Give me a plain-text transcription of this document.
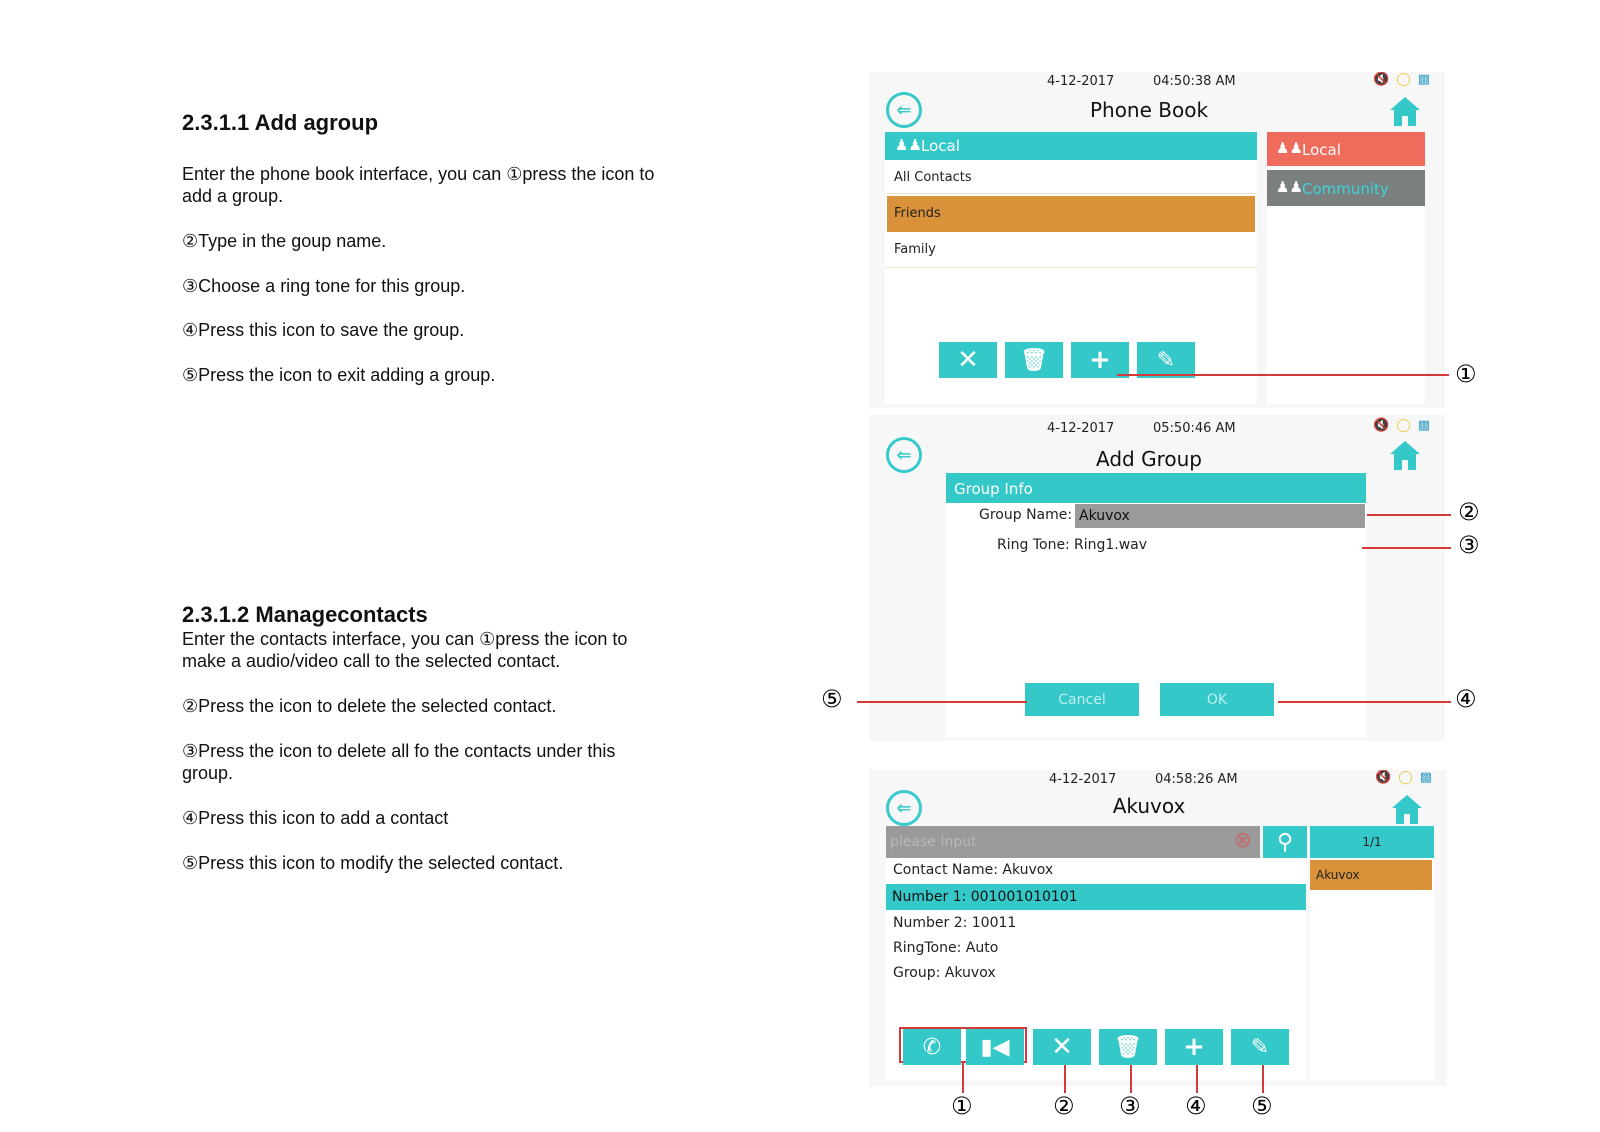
2.3.1.1 Add agroup
Enter the phone book interface, you can ①press the icon to add a group.
②Type in the goup name.
③Choose a ring tone for this group.
④Press this icon to save the group.
⑤Press the icon to exit adding a group.
2.3.1.2 Managecontacts
Enter the contacts interface, you can ①press the icon to make a audio/video call to the selected contact.
②Press the icon to delete the selected contact.
③Press the icon to delete all fo the contacts under this group.
④Press this icon to add a contact
⑤Press this icon to modify the selected contact.
4-12-2017	04:50:38 AM	🔇 ◯ ▩
⇐	Phone Book
♟♟ Local
All Contacts
Friends
Family
✕	🗑	+	✎
♟♟ Local
♟♟ Community
①
4-12-2017	05:50:46 AM	🔇 ◯ ▩
⇐	Add Group
Group Info
Group Name: Akuvox
Ring Tone: Ring1.wav
Cancel	OK
②
③
④
⑤
4-12-2017	04:58:26 AM	🔇 ◯ ▩
⇐	Akuvox
please Input	⊗	⚲	1/1
Contact Name: Akuvox
Number 1: 001001010101
Number 2: 10011
RingTone: Auto
Group: Akuvox
Akuvox
✆	▮◀	✕	🗑	+	✎
①	② ③ ④ ⑤
